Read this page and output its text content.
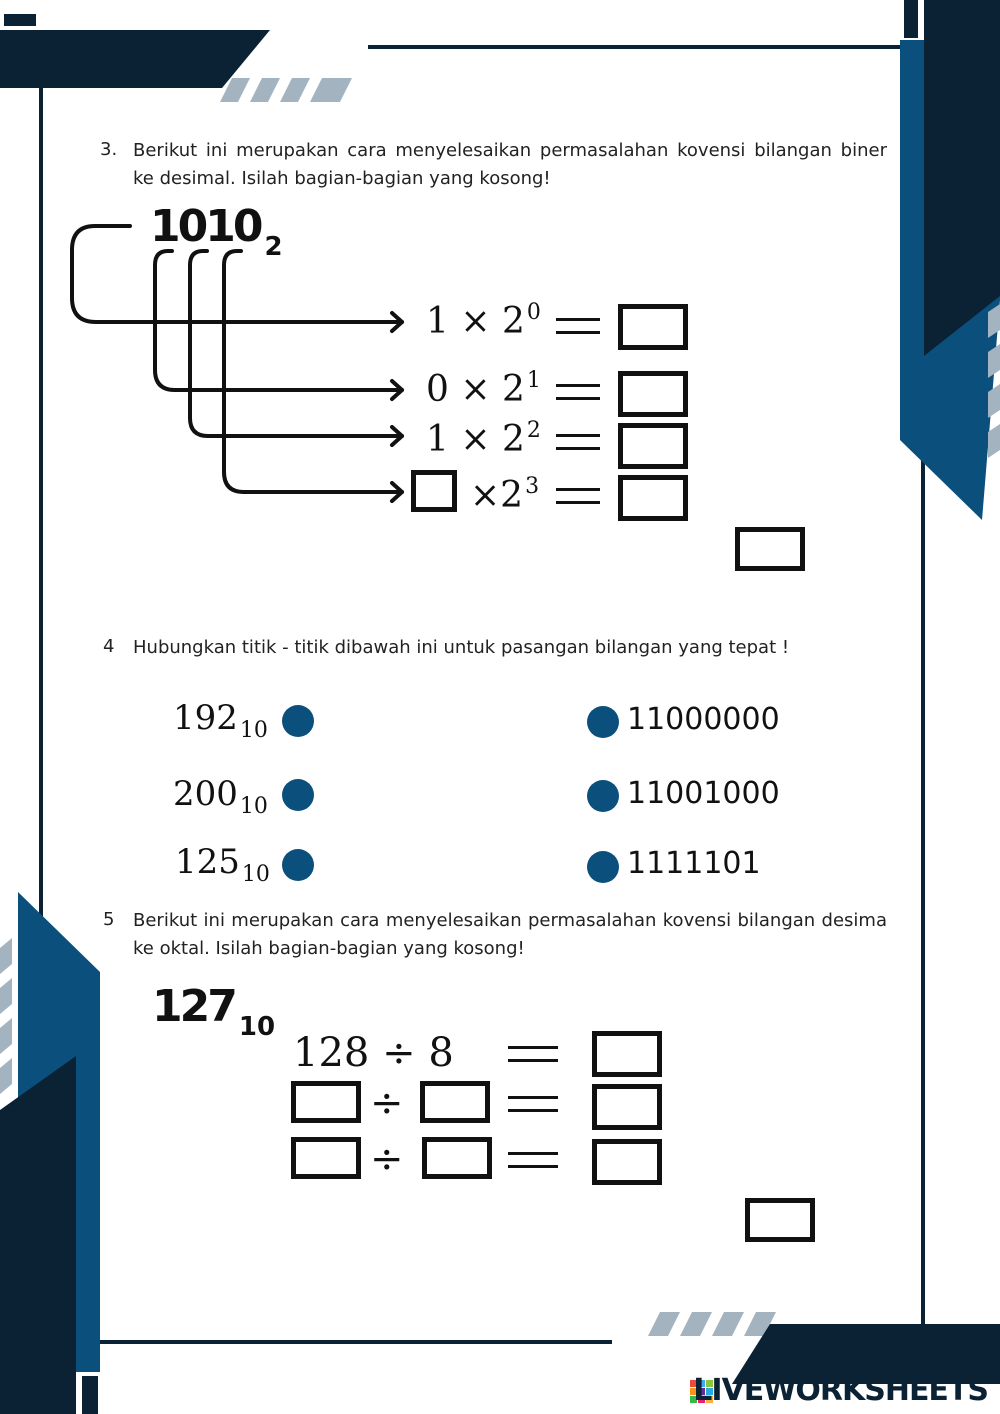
3. Berikut ini merupakan cara menyelesaikan permasalahan kovensi bilangan biner ke desimal. Isilah bagian-bagian yang kosong!
1010 $_2$
$1 \times 2^0$
$0 \times 2^1$
$1 \times 2^2$
$\times 2^3$
4 Hubungkan titik - titik dibawah ini untuk pasangan bilangan yang tepat !
$192_{10}$
$200_{10}$
$125_{10}$
11000000
11001000
1111101
5 Berikut ini merupakan cara menyelesaikan permasalahan kovensi bilangan desima ke oktal. Isilah bagian-bagian yang kosong!
127 $_{10}$
128 ÷ 8
÷
÷
LIVEWORKSHEETS
